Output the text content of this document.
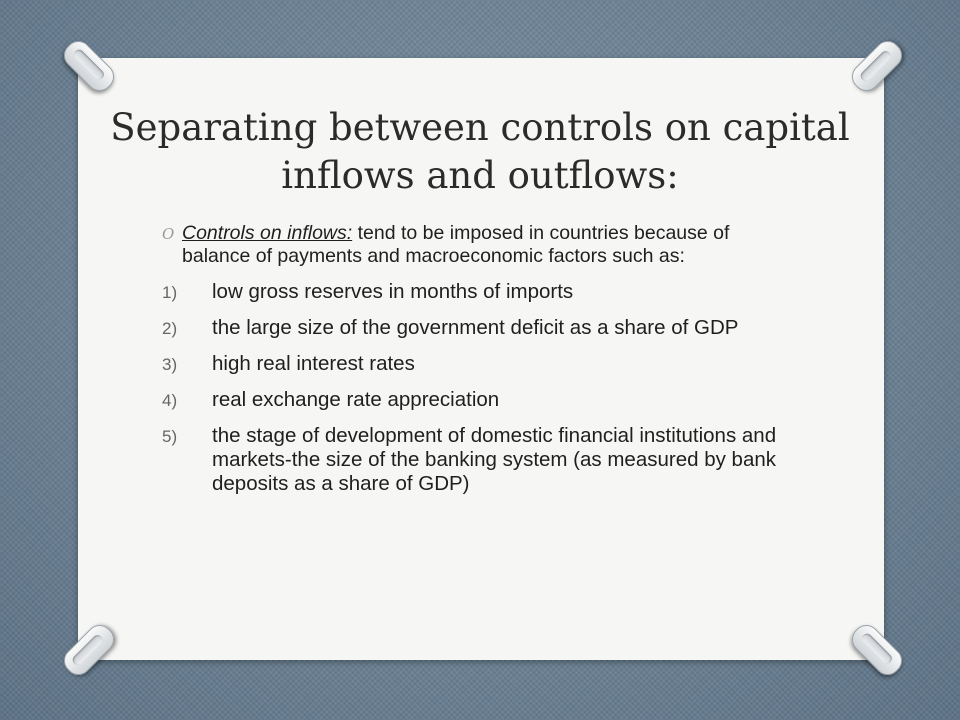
Separating between controls on capital inflows and outflows:
O Controls on inflows: tend to be imposed in countries because of balance of payments and macroeconomic factors such as:
1) low gross reserves in months of imports
2) the large size of the government deficit as a share of GDP
3) high real interest rates
4) real exchange rate appreciation
5) the stage of development of domestic financial institutions and markets-the size of the banking system (as measured by bank deposits as a share of GDP)
